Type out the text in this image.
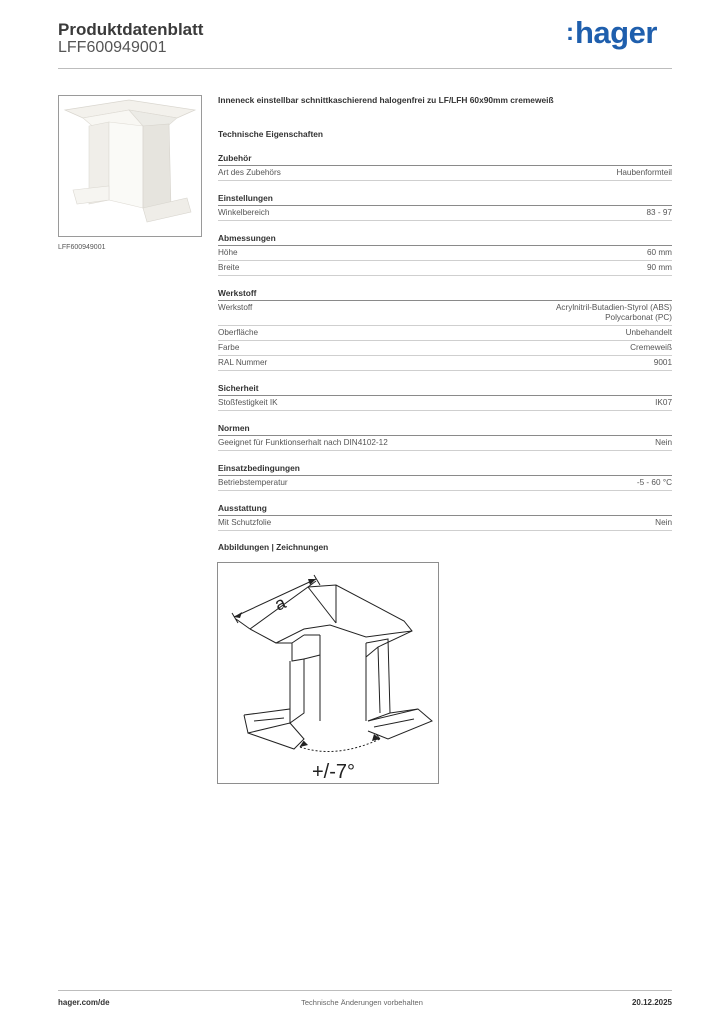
Produktdatenblatt
LFF600949001
:hager
LFF600949001
Inneneck einstellbar schnittkaschierend halogenfrei zu LF/LFH 60x90mm cremeweiß
Technische Eigenschaften
Zubehör
Art des Zubehörs	Haubenformteil
Einstellungen
Winkelbereich	83 - 97
Abmessungen
Höhe	60 mm
Breite	90 mm
Werkstoff
Werkstoff	Acrylnitril-Butadien-Styrol (ABS)
Polycarbonat (PC)
Oberfläche	Unbehandelt
Farbe	Cremeweiß
RAL Nummer	9001
Sicherheit
Stoßfestigkeit IK	IK07
Normen
Geeignet für Funktionserhalt nach DIN4102-12	Nein
Einsatzbedingungen
Betriebstemperatur	-5 - 60 °C
Ausstattung
Mit Schutzfolie	Nein
Abbildungen | Zeichnungen
a
+/-7°
hager.com/de	Technische Änderungen vorbehalten	20.12.2025
